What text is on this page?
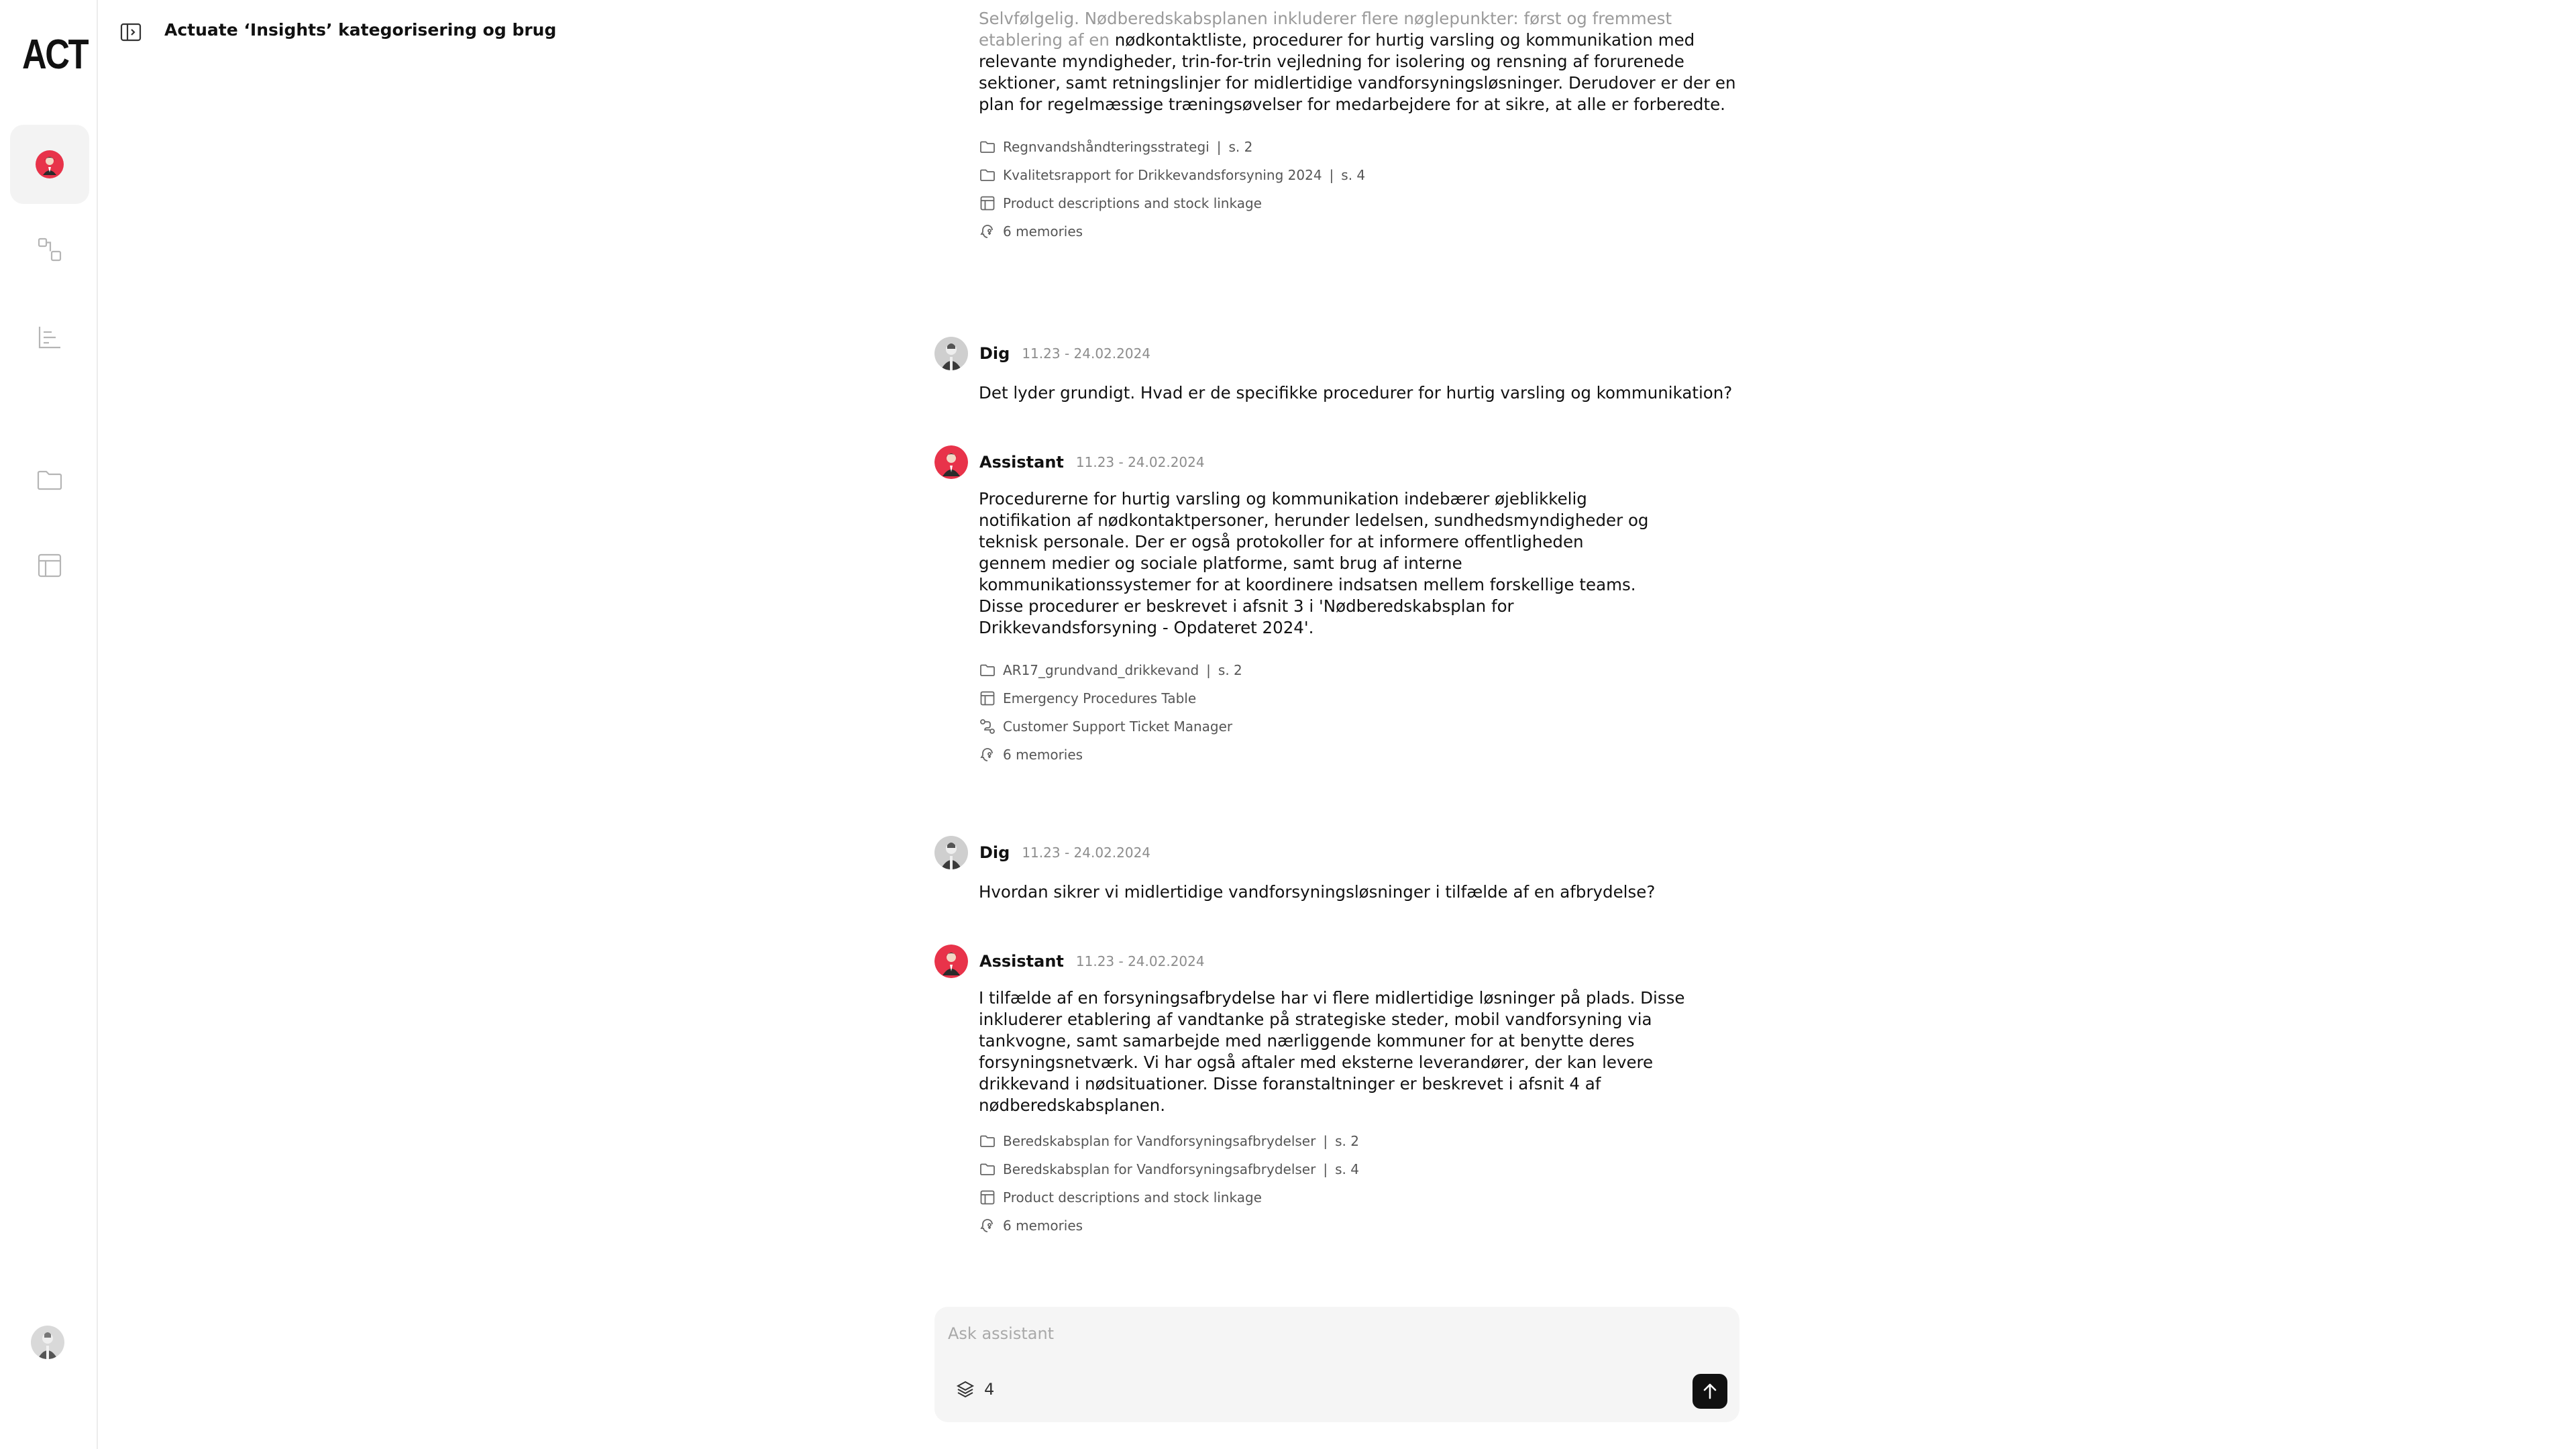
ACT
Actuate ‘Insights’ kategorisering og brug
Selvfølgelig. Nødberedskabsplanen inkluderer flere nøglepunkter: først og fremmest etablering af en nødkontaktliste, procedurer for hurtig varsling og kommunikation med relevante myndigheder, trin-for-trin vejledning for isolering og rensning af forurenede sektioner, samt retningslinjer for midlertidige vandforsyningsløsninger. Derudover er der en plan for regelmæssige træningsøvelser for medarbejdere for at sikre, at alle er forberedte.
Regnvandshåndteringsstrategi | s. 2
Kvalitetsrapport for Drikkevandsforsyning 2024 | s. 4
Product descriptions and stock linkage
6 memories
Dig 11.23 - 24.02.2024
Det lyder grundigt. Hvad er de specifikke procedurer for hurtig varsling og kommunikation?
Assistant 11.23 - 24.02.2024
Procedurerne for hurtig varsling og kommunikation indebærer øjeblikkelig notifikation af nødkontaktpersoner, herunder ledelsen, sundhedsmyndigheder og teknisk personale. Der er også protokoller for at informere offentligheden gennem medier og sociale platforme, samt brug af interne kommunikationssystemer for at koordinere indsatsen mellem forskellige teams. Disse procedurer er beskrevet i afsnit 3 i 'Nødberedskabsplan for Drikkevandsforsyning - Opdateret 2024'.
AR17_grundvand_drikkevand | s. 2
Emergency Procedures Table
Customer Support Ticket Manager
6 memories
Dig 11.23 - 24.02.2024
Hvordan sikrer vi midlertidige vandforsyningsløsninger i tilfælde af en afbrydelse?
Assistant 11.23 - 24.02.2024
I tilfælde af en forsyningsafbrydelse har vi flere midlertidige løsninger på plads. Disse inkluderer etablering af vandtanke på strategiske steder, mobil vandforsyning via tankvogne, samt samarbejde med nærliggende kommuner for at benytte deres forsyningsnetværk. Vi har også aftaler med eksterne leverandører, der kan levere drikkevand i nødsituationer. Disse foranstaltninger er beskrevet i afsnit 4 af nødberedskabsplanen.
Beredskabsplan for Vandforsyningsafbrydelser | s. 2
Beredskabsplan for Vandforsyningsafbrydelser | s. 4
Product descriptions and stock linkage
6 memories
Ask assistant
4
